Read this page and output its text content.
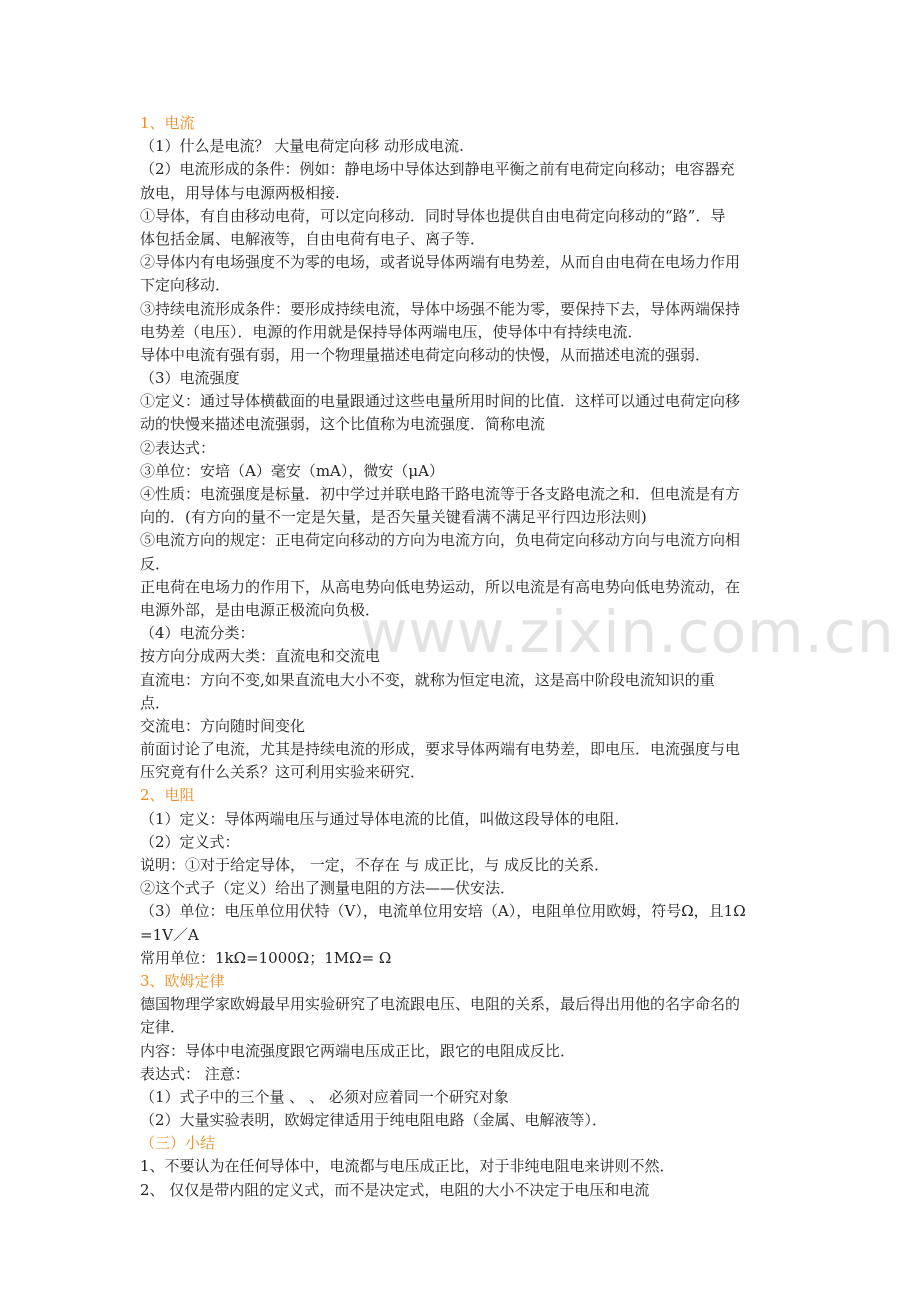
www.zixin.com.cn
1、电流
（1）什么是电流？ 大量电荷定向移 动形成电流.
（2）电流形成的条件：例如：静电场中导体达到静电平衡之前有电荷定向移动；电容器充
放电，用导体与电源两极相接.
①导体，有自由移动电荷，可以定向移动．同时导体也提供自由电荷定向移动的“路”．导
体包括金属、电解液等，自由电荷有电子、离子等．
②导体内有电场强度不为零的电场，或者说导体两端有电势差，从而自由电荷在电场力作用
下定向移动．
③持续电流形成条件：要形成持续电流，导体中场强不能为零，要保持下去，导体两端保持
电势差（电压）．电源的作用就是保持导体两端电压，使导体中有持续电流．
导体中电流有强有弱，用一个物理量描述电荷定向移动的快慢，从而描述电流的强弱．
（3）电流强度
①定义：通过导体横截面的电量跟通过这些电量所用时间的比值．这样可以通过电荷定向移
动的快慢来描述电流强弱，这个比值称为电流强度．简称电流
②表达式：
③单位：安培（A）毫安（mA），微安（μA）
④性质：电流强度是标量．初中学过并联电路干路电流等于各支路电流之和．但电流是有方
向的．(有方向的量不一定是矢量，是否矢量关键看满不满足平行四边形法则)
⑤电流方向的规定：正电荷定向移动的方向为电流方向，负电荷定向移动方向与电流方向相
反．
正电荷在电场力的作用下，从高电势向低电势运动，所以电流是有高电势向低电势流动，在
电源外部，是由电源正极流向负极．
（4）电流分类：
按方向分成两大类：直流电和交流电
直流电：方向不变,如果直流电大小不变，就称为恒定电流，这是高中阶段电流知识的重
点．
交流电：方向随时间变化
前面讨论了电流，尤其是持续电流的形成，要求导体两端有电势差，即电压．电流强度与电
压究竟有什么关系？这可利用实验来研究．
2、电阻
（1）定义：导体两端电压与通过导体电流的比值，叫做这段导体的电阻．
（2）定义式：
说明：①对于给定导体， 一定，不存在 与 成正比，与 成反比的关系．
②这个式子（定义）给出了测量电阻的方法——伏安法．
（3）单位：电压单位用伏特（V），电流单位用安培（A），电阻单位用欧姆，符号Ω，且1Ω
=1V／A
常用单位：1kΩ=1000Ω；1MΩ= Ω
3、欧姆定律
德国物理学家欧姆最早用实验研究了电流跟电压、电阻的关系，最后得出用他的名字命名的
定律．
内容：导体中电流强度跟它两端电压成正比，跟它的电阻成反比．
表达式： 注意：
（1）式子中的三个量 、 、 必须对应着同一个研究对象
（2）大量实验表明，欧姆定律适用于纯电阻电路（金属、电解液等）．
（三）小结
1、不要认为在任何导体中，电流都与电压成正比，对于非纯电阻电来讲则不然．
2、 仅仅是带内阻的定义式，而不是决定式，电阻的大小不决定于电压和电流
